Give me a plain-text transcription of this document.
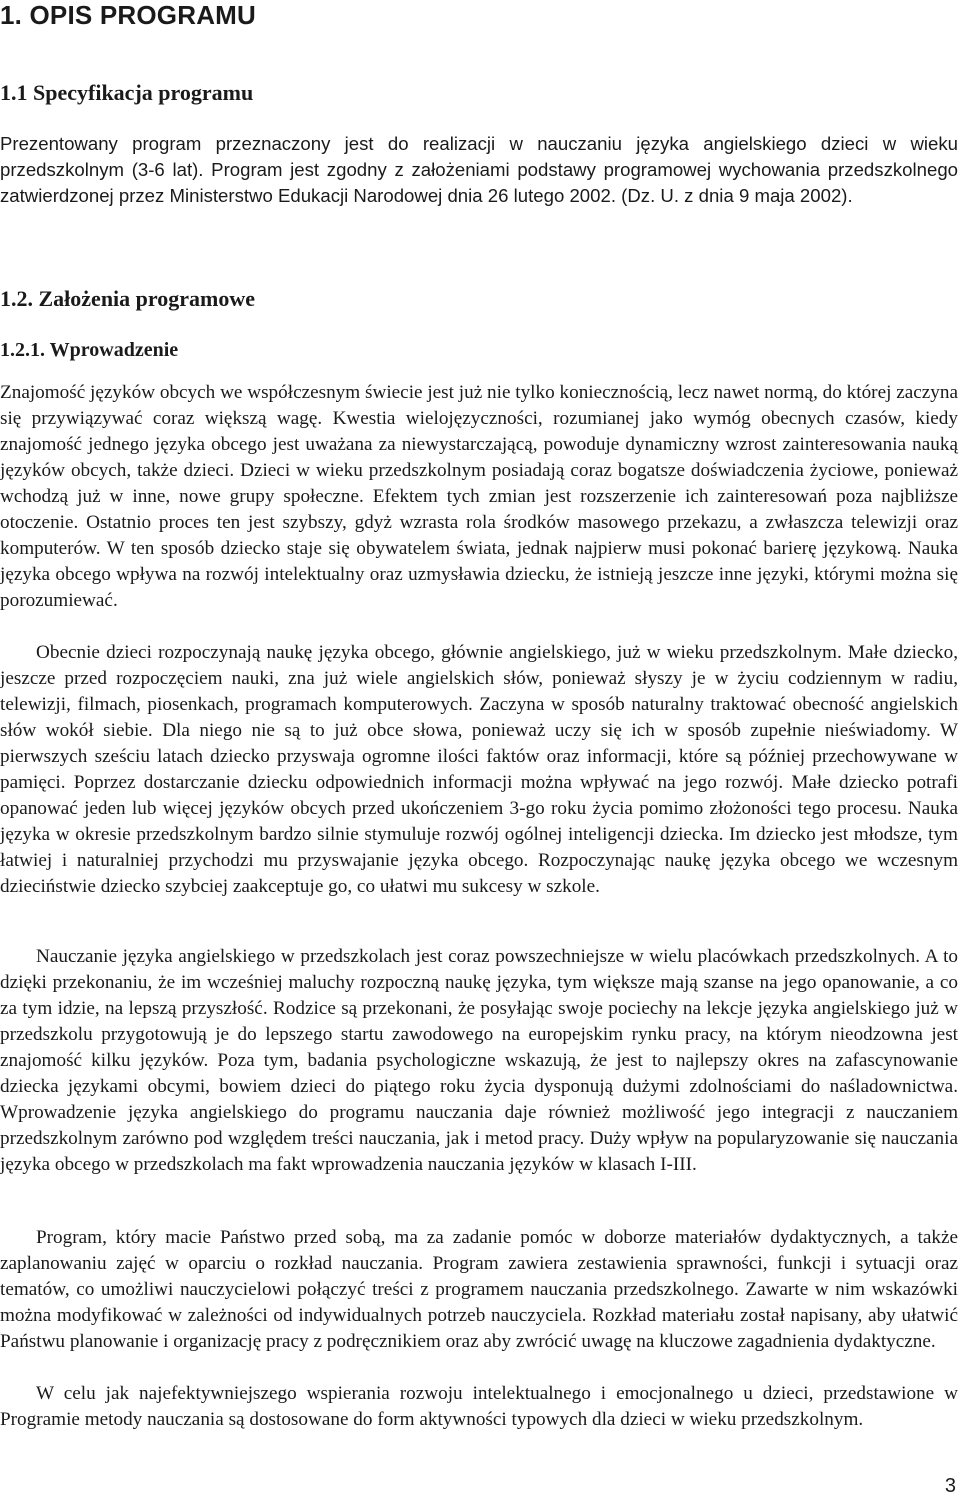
1. OPIS PROGRAMU
1.1 Specyfikacja programu

Prezentowany program przeznaczony jest do realizacji w nauczaniu języka angielskiego dzieci w wieku przedszkolnym (3-6 lat). Program jest zgodny z założeniami podstawy programowej wychowania przedszkolnego zatwierdzonej przez Ministerstwo Edukacji Narodowej dnia 26 lutego 2002. (Dz. U. z dnia 9 maja 2002).

1.2. Założenia programowe
1.2.1. Wprowadzenie

Znajomość języków obcych we współczesnym świecie jest już nie tylko koniecznością, lecz nawet normą, do której zaczyna się przywiązywać coraz większą wagę. Kwestia wielojęzyczności, rozumianej jako wymóg obecnych czasów, kiedy znajomość jednego języka obcego jest uważana za niewystarczającą, powoduje dynamiczny wzrost zainteresowania nauką języków obcych, także dzieci. Dzieci w wieku przedszkolnym posiadają coraz bogatsze doświadczenia życiowe, ponieważ wchodzą już w inne, nowe grupy społeczne. Efektem tych zmian jest rozszerzenie ich zainteresowań poza najbliższe otoczenie. Ostatnio proces ten jest szybszy, gdyż wzrasta rola środków masowego przekazu, a zwłaszcza telewizji oraz komputerów. W ten sposób dziecko staje się obywatelem świata, jednak najpierw musi pokonać barierę językową. Nauka języka obcego wpływa na rozwój intelektualny oraz uzmysławia dziecku, że istnieją jeszcze inne języki, którymi można się porozumiewać.

Obecnie dzieci rozpoczynają naukę języka obcego, głównie angielskiego, już w wieku przedszkolnym. Małe dziecko, jeszcze przed rozpoczęciem nauki, zna już wiele angielskich słów, ponieważ słyszy je w życiu codziennym w radiu, telewizji, filmach, piosenkach, programach komputerowych. Zaczyna w sposób naturalny traktować obecność angielskich słów wokół siebie. Dla niego nie są to już obce słowa, ponieważ uczy się ich w sposób zupełnie nieświadomy. W pierwszych sześciu latach dziecko przyswaja ogromne ilości faktów oraz informacji, które są później przechowywane w pamięci. Poprzez dostarczanie dziecku odpowiednich informacji można wpływać na jego rozwój. Małe dziecko potrafi opanować jeden lub więcej języków obcych przed ukończeniem 3-go roku życia pomimo złożoności tego procesu. Nauka języka w okresie przedszkolnym bardzo silnie stymuluje rozwój ogólnej inteligencji dziecka. Im dziecko jest młodsze, tym łatwiej i naturalniej przychodzi mu przyswajanie języka obcego. Rozpoczynając naukę języka obcego we wczesnym dzieciństwie dziecko szybciej zaakceptuje go, co ułatwi mu sukcesy w szkole.

Nauczanie języka angielskiego w przedszkolach jest coraz powszechniejsze w wielu placówkach przedszkolnych. A to dzięki przekonaniu, że im wcześniej maluchy rozpoczną naukę języka, tym większe mają szanse na jego opanowanie, a co za tym idzie, na lepszą przyszłość. Rodzice są przekonani, że posyłając swoje pociechy na lekcje języka angielskiego już w przedszkolu przygotowują je do lepszego startu zawodowego na europejskim rynku pracy, na którym nieodzowna jest znajomość kilku języków. Poza tym, badania psychologiczne wskazują, że jest to najlepszy okres na zafascynowanie dziecka językami obcymi, bowiem dzieci do piątego roku życia dysponują dużymi zdolnościami do naśladownictwa. Wprowadzenie języka angielskiego do programu nauczania daje również możliwość jego integracji z nauczaniem przedszkolnym zarówno pod względem treści nauczania, jak i metod pracy. Duży wpływ na popularyzowanie się nauczania języka obcego w przedszkolach ma fakt wprowadzenia nauczania języków w klasach I-III.

Program, który macie Państwo przed sobą, ma za zadanie pomóc w doborze materiałów dydaktycznych, a także zaplanowaniu zajęć w oparciu o rozkład nauczania. Program zawiera zestawienia sprawności, funkcji i sytuacji oraz tematów, co umożliwi nauczycielowi połączyć treści z programem nauczania przedszkolnego. Zawarte w nim wskazówki można modyfikować w zależności od indywidualnych potrzeb nauczyciela. Rozkład materiału został napisany, aby ułatwić Państwu planowanie i organizację pracy z podręcznikiem oraz aby zwrócić uwagę na kluczowe zagadnienia dydaktyczne.

W celu jak najefektywniejszego wspierania rozwoju intelektualnego i emocjonalnego u dzieci, przedstawione w Programie metody nauczania są dostosowane do form aktywności typowych dla dzieci w wieku przedszkolnym.

3
